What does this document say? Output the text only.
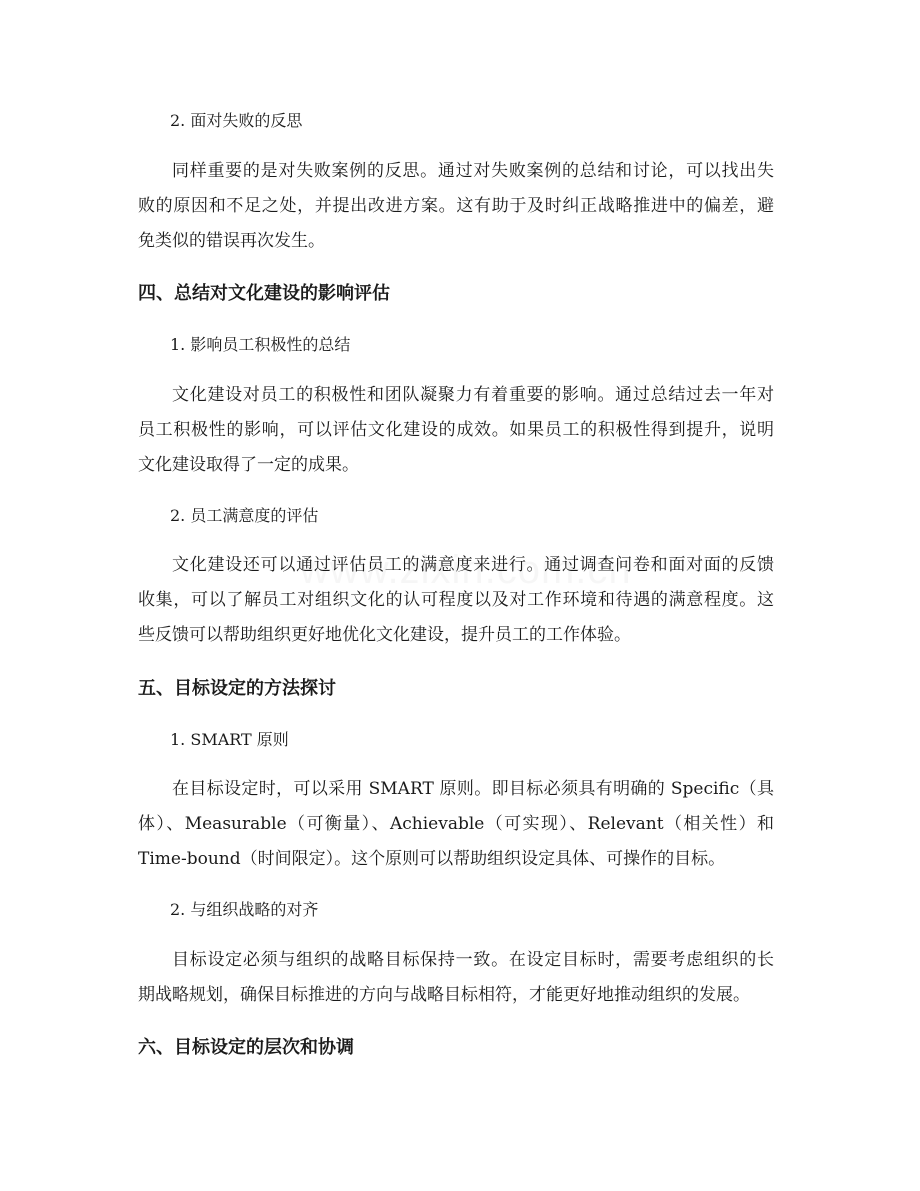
2. 面对失败的反思
同样重要的是对失败案例的反思。通过对失败案例的总结和讨论，可以找出失
败的原因和不足之处，并提出改进方案。这有助于及时纠正战略推进中的偏差，避
免类似的错误再次发生。
四、总结对文化建设的影响评估
1. 影响员工积极性的总结
文化建设对员工的积极性和团队凝聚力有着重要的影响。通过总结过去一年对
员工积极性的影响，可以评估文化建设的成效。如果员工的积极性得到提升，说明
文化建设取得了一定的成果。
2. 员工满意度的评估
文化建设还可以通过评估员工的满意度来进行。通过调查问卷和面对面的反馈
收集，可以了解员工对组织文化的认可程度以及对工作环境和待遇的满意程度。这
些反馈可以帮助组织更好地优化文化建设，提升员工的工作体验。
五、目标设定的方法探讨
1. SMART 原则
在目标设定时，可以采用 SMART 原则。即目标必须具有明确的 Specific（具
体）、Measurable（可衡量）、Achievable（可实现）、Relevant（相关性）和
Time-bound（时间限定）。这个原则可以帮助组织设定具体、可操作的目标。
2. 与组织战略的对齐
目标设定必须与组织的战略目标保持一致。在设定目标时，需要考虑组织的长
期战略规划，确保目标推进的方向与战略目标相符，才能更好地推动组织的发展。
六、目标设定的层次和协调
